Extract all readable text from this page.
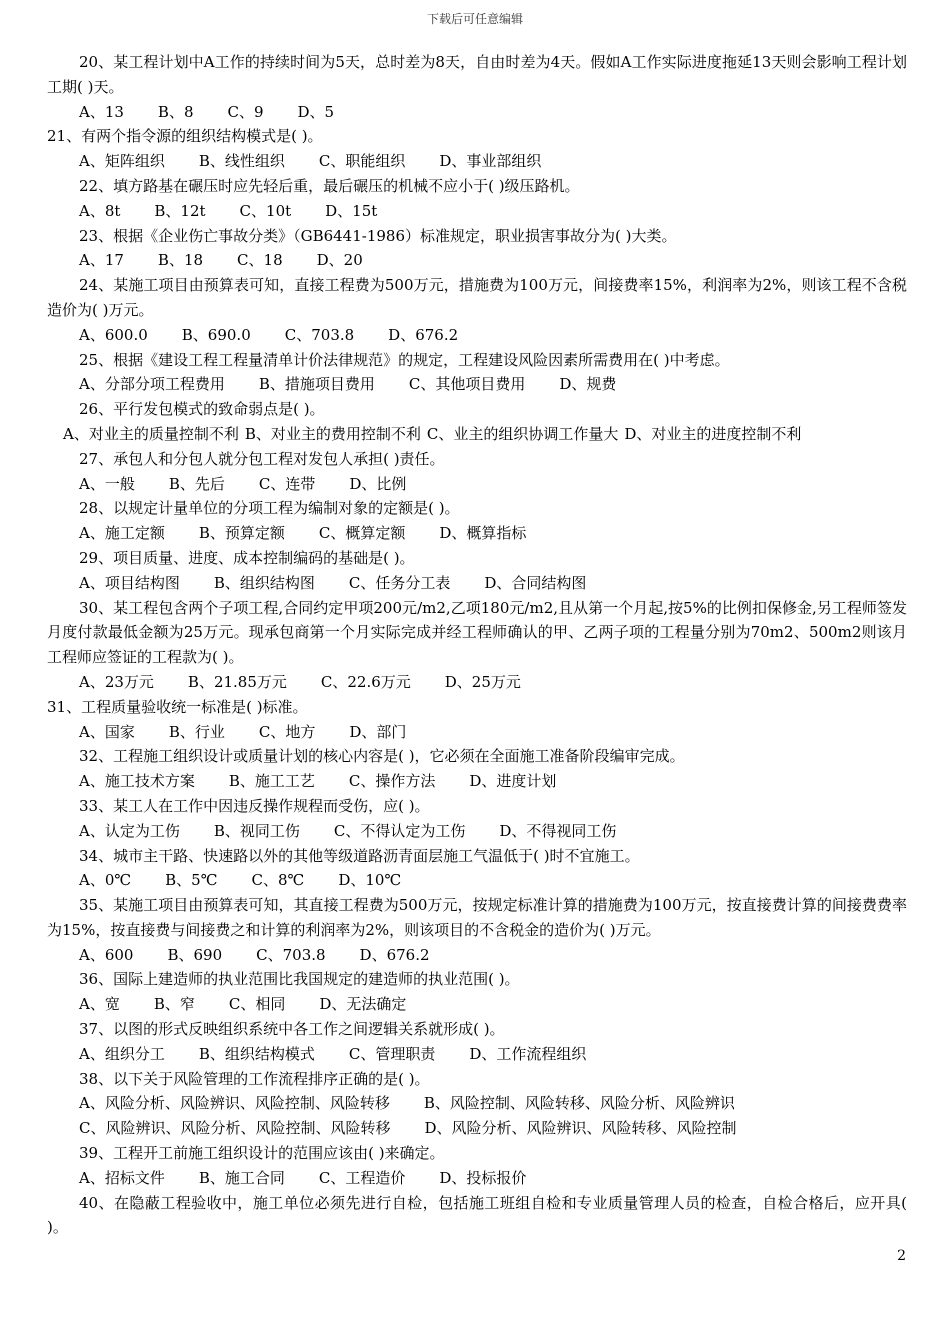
下载后可任意编辑
20、某工程计划中A工作的持续时间为5天，总时差为8天，自由时差为4天。假如A工作实际进度拖延13天则会影响工程计划工期( )天。
A、13 B、8 C、9 D、5
21、有两个指令源的组织结构模式是( )。
A、矩阵组织 B、线性组织 C、职能组织 D、事业部组织
22、填方路基在碾压时应先轻后重，最后碾压的机械不应小于( )级压路机。
A、8t B、12t C、10t D、15t
23、根据《企业伤亡事故分类》（GB6441-1986）标准规定，职业损害事故分为( )大类。
A、17 B、18 C、18 D、20
24、某施工项目由预算表可知，直接工程费为500万元，措施费为100万元，间接费率15%，利润率为2%，则该工程不含税造价为( )万元。
A、600.0 B、690.0 C、703.8 D、676.2
25、根据《建设工程工程量清单计价法律规范》的规定，工程建设风险因素所需费用在( )中考虑。
A、分部分项工程费用 B、措施项目费用 C、其他项目费用 D、规费
26、平行发包模式的致命弱点是( )。
A、对业主的质量控制不利 B、对业主的费用控制不利 C、业主的组织协调工作量大 D、对业主的进度控制不利
27、承包人和分包人就分包工程对发包人承担( )责任。
A、一般 B、先后 C、连带 D、比例
28、以规定计量单位的分项工程为编制对象的定额是( )。
A、施工定额 B、预算定额 C、概算定额 D、概算指标
29、项目质量、进度、成本控制编码的基础是( )。
A、项目结构图 B、组织结构图 C、任务分工表 D、合同结构图
30、某工程包含两个子项工程,合同约定甲项200元/m2,乙项180元/m2,且从第一个月起,按5%的比例扣保修金,另工程师签发月度付款最低金额为25万元。现承包商第一个月实际完成并经工程师确认的甲、乙两子项的工程量分别为70m2、500m2则该月工程师应签证的工程款为( )。
A、23万元 B、21.85万元 C、22.6万元 D、25万元
31、工程质量验收统一标准是( )标准。
A、国家 B、行业 C、地方 D、部门
32、工程施工组织设计或质量计划的核心内容是( )，它必须在全面施工准备阶段编审完成。
A、施工技术方案 B、施工工艺 C、操作方法 D、进度计划
33、某工人在工作中因违反操作规程而受伤，应( )。
A、认定为工伤 B、视同工伤 C、不得认定为工伤 D、不得视同工伤
34、城市主干路、快速路以外的其他等级道路沥青面层施工气温低于( )时不宜施工。
A、0℃ B、5℃ C、8℃ D、10℃
35、某施工项目由预算表可知，其直接工程费为500万元，按规定标准计算的措施费为100万元，按直接费计算的间接费费率为15%，按直接费与间接费之和计算的利润率为2%，则该项目的不含税金的造价为( )万元。
A、600 B、690 C、703.8 D、676.2
36、国际上建造师的执业范围比我国规定的建造师的执业范围( )。
A、宽 B、窄 C、相同 D、无法确定
37、以图的形式反映组织系统中各工作之间逻辑关系就形成( )。
A、组织分工 B、组织结构模式 C、管理职责 D、工作流程组织
38、以下关于风险管理的工作流程排序正确的是( )。
A、风险分析、风险辨识、风险控制、风险转移 B、风险控制、风险转移、风险分析、风险辨识
C、风险辨识、风险分析、风险控制、风险转移 D、风险分析、风险辨识、风险转移、风险控制
39、工程开工前施工组织设计的范围应该由( )来确定。
A、招标文件 B、施工合同 C、工程造价 D、投标报价
40、在隐蔽工程验收中，施工单位必须先进行自检，包括施工班组自检和专业质量管理人员的检查，自检合格后，应开具( )。
2
